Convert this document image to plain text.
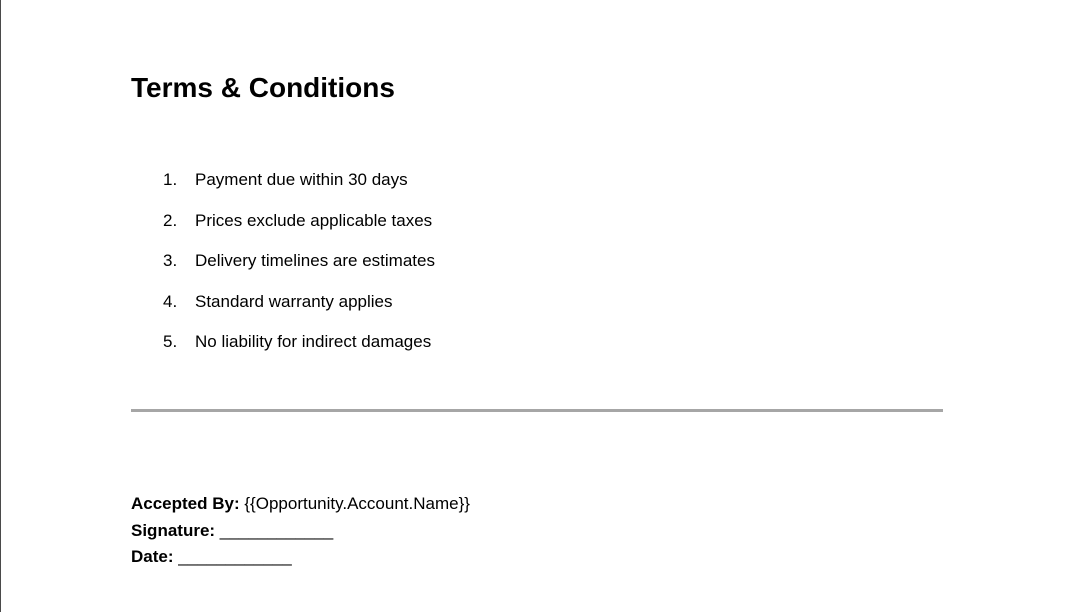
Terms & Conditions
1.	Payment due within 30 days
2.	Prices exclude applicable taxes
3.	Delivery timelines are estimates
4.	Standard warranty applies
5.	No liability for indirect damages
Accepted By: {{Opportunity.Account.Name}}
Signature: ____________
Date: ____________
